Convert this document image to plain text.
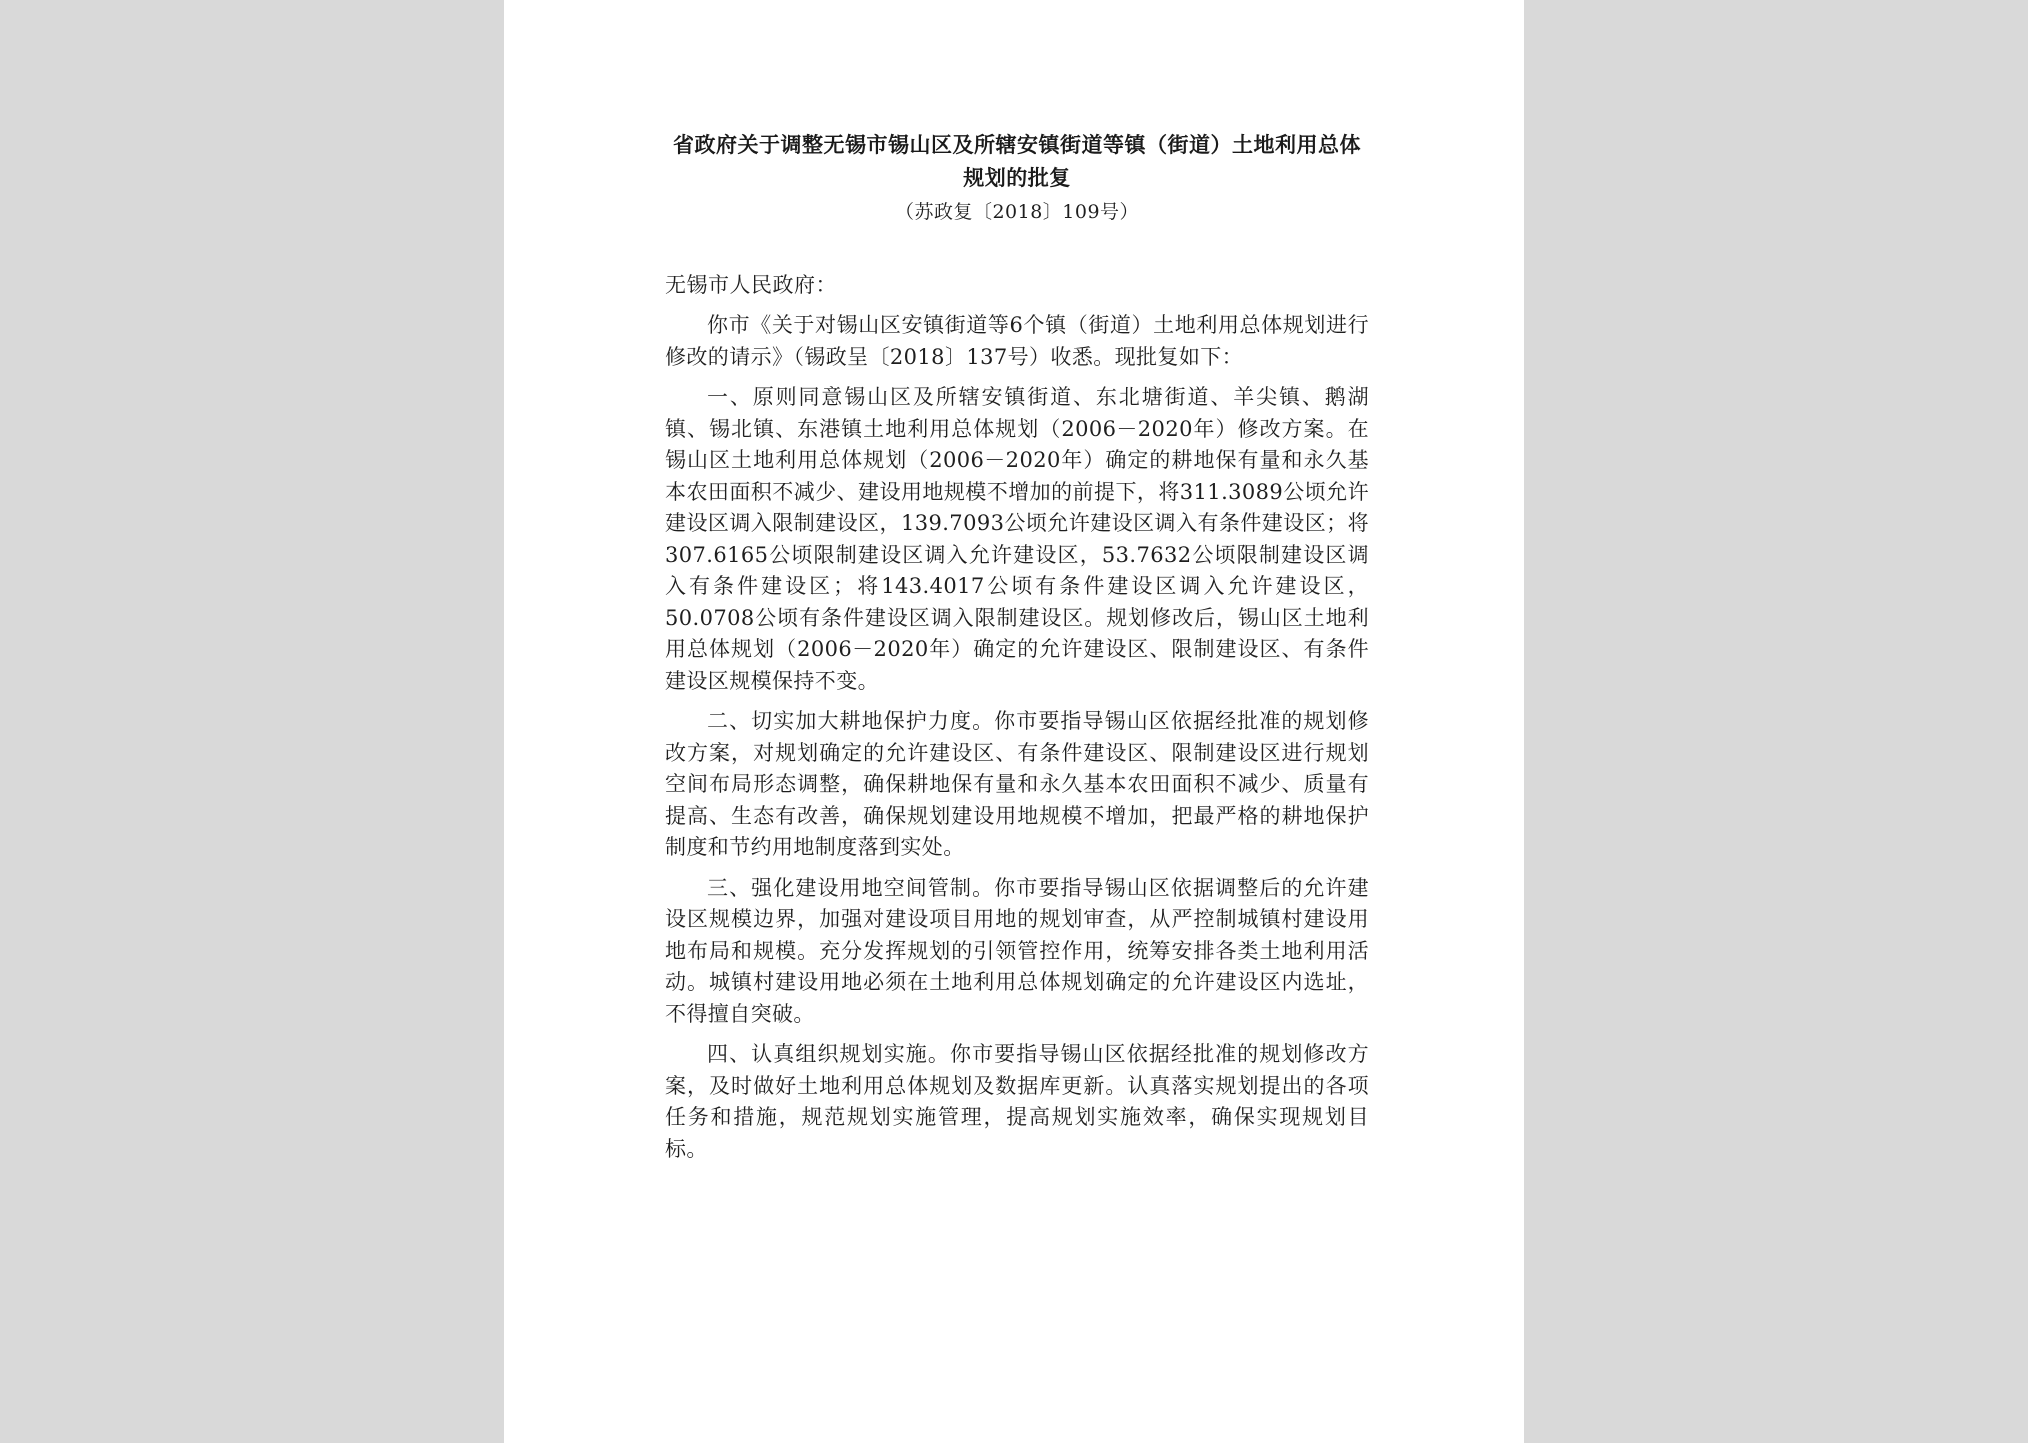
省政府关于调整无锡市锡山区及所辖安镇街道等镇（街道）土地利用总体规划的批复

（苏政复〔2018〕109号）

无锡市人民政府：

你市《关于对锡山区安镇街道等6个镇（街道）土地利用总体规划进行修改的请示》（锡政呈〔2018〕137号）收悉。现批复如下：

一、原则同意锡山区及所辖安镇街道、东北塘街道、羊尖镇、鹅湖镇、锡北镇、东港镇土地利用总体规划（2006－2020年）修改方案。在锡山区土地利用总体规划（2006－2020年）确定的耕地保有量和永久基本农田面积不减少、建设用地规模不增加的前提下，将311.3089公顷允许建设区调入限制建设区，139.7093公顷允许建设区调入有条件建设区；将307.6165公顷限制建设区调入允许建设区，53.7632公顷限制建设区调入有条件建设区；将143.4017公顷有条件建设区调入允许建设区，50.0708公顷有条件建设区调入限制建设区。规划修改后，锡山区土地利用总体规划（2006－2020年）确定的允许建设区、限制建设区、有条件建设区规模保持不变。

二、切实加大耕地保护力度。你市要指导锡山区依据经批准的规划修改方案，对规划确定的允许建设区、有条件建设区、限制建设区进行规划空间布局形态调整，确保耕地保有量和永久基本农田面积不减少、质量有提高、生态有改善，确保规划建设用地规模不增加，把最严格的耕地保护制度和节约用地制度落到实处。

三、强化建设用地空间管制。你市要指导锡山区依据调整后的允许建设区规模边界，加强对建设项目用地的规划审查，从严控制城镇村建设用地布局和规模。充分发挥规划的引领管控作用，统筹安排各类土地利用活动。城镇村建设用地必须在土地利用总体规划确定的允许建设区内选址，不得擅自突破。

四、认真组织规划实施。你市要指导锡山区依据经批准的规划修改方案，及时做好土地利用总体规划及数据库更新。认真落实规划提出的各项任务和措施，规范规划实施管理，提高规划实施效率，确保实现规划目标。
